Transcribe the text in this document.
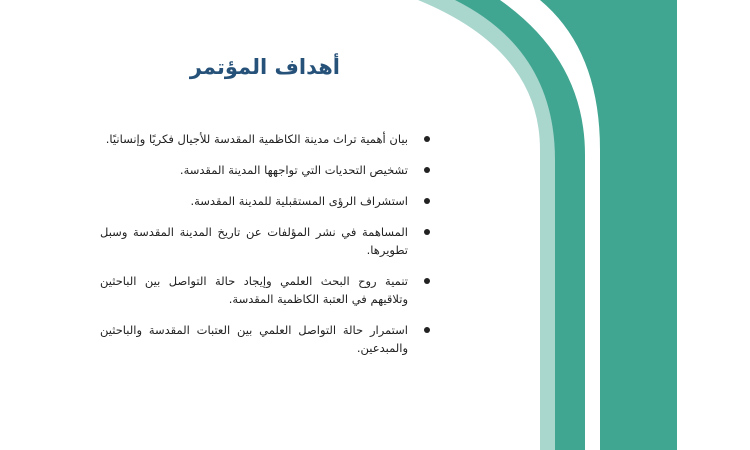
أهداف المؤتمر
بيان أهمية تراث مدينة الكاظمية المقدسة للأجيال فكريًا وإنسانيًا.
تشخيص التحديات التي تواجهها المدينة المقدسة.
استشراف الرؤى المستقبلية للمدينة المقدسة.
المساهمة في نشر المؤلفات عن تاريخ المدينة المقدسة وسبل تطويرها.
تنمية روح البحث العلمي وإيجاد حالة التواصل بين الباحثين وتلاقيهم في العتبة الكاظمية المقدسة.
استمرار حالة التواصل العلمي بين العتبات المقدسة والباحثين والمبدعين.
